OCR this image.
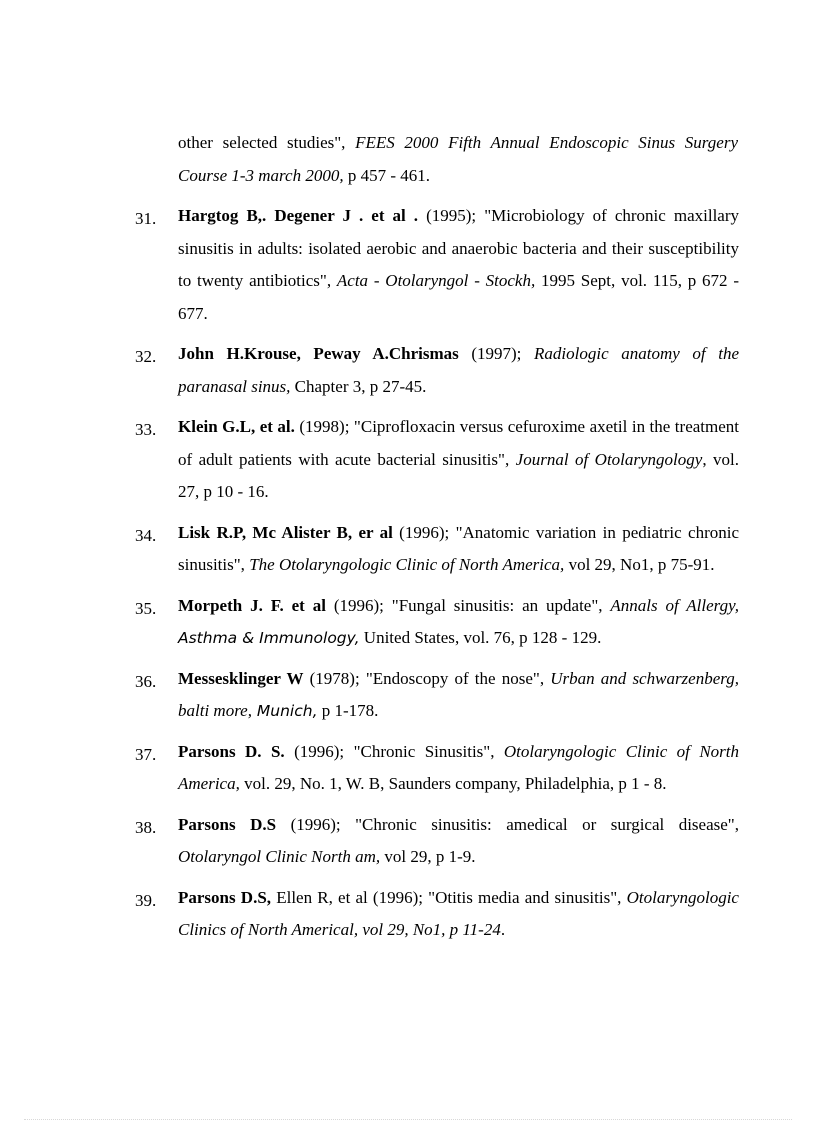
other selected studies", FEES 2000 Fifth Annual Endoscopic Sinus Surgery Course 1-3 march 2000, p 457 - 461.

31. Hargtog B,. Degener J . et al . (1995); "Microbiology of chronic maxillary sinusitis in adults: isolated aerobic and anaerobic bacteria and their susceptibility to twenty antibiotics", Acta - Otolaryngol - Stockh, 1995 Sept, vol. 115, p 672 - 677.
32. John H.Krouse, Peway A.Chrismas (1997); Radiologic anatomy of the paranasal sinus, Chapter 3, p 27-45.
33. Klein G.L, et al. (1998); "Ciprofloxacin versus cefuroxime axetil in the treatment of adult patients with acute bacterial sinusitis", Journal of Otolaryngology, vol. 27, p 10 - 16.
34. Lisk R.P, Mc Alister B, er al (1996); "Anatomic variation in pediatric chronic sinusitis", The Otolaryngologic Clinic of North America, vol 29, No1, p 75-91.
35. Morpeth J. F. et al (1996); "Fungal sinusitis: an update", Annals of Allergy, Asthma & Immunology, United States, vol. 76, p 128 - 129.
36. Messesklinger W (1978); "Endoscopy of the nose", Urban and schwarzenberg, balti more, Munich, p 1-178.
37. Parsons D. S. (1996); "Chronic Sinusitis", Otolaryngologic Clinic of North America, vol. 29, No. 1, W. B, Saunders company, Philadelphia, p 1 - 8.
38. Parsons D.S (1996); "Chronic sinusitis: amedical or surgical disease", Otolaryngol Clinic North am, vol 29, p 1-9.
39. Parsons D.S, Ellen R, et al (1996); "Otitis media and sinusitis", Otolaryngologic Clinics of North Americal, vol 29, No1, p 11-24.
